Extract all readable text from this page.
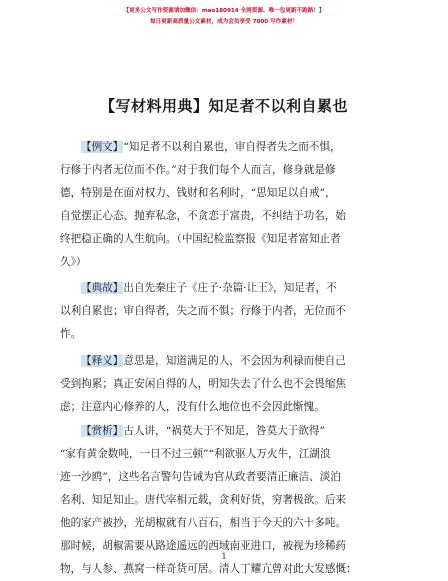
【更多公文写作资源请加微信：mao180914 全网资源、唯一包更新不跑路！】
每日更新高质量公文素材，成为会员享受 7000 写作素材！
【写材料用典】知足者不以利自累也
【例文】“知足者不以利自累也，审自得者失之而不惧，
行修于内者无位而不作。”对于我们每个人而言，修身就是修
德，特别是在面对权力、钱财和名利时，“思知足以自戒”，
自觉摆正心态、抛弃私念，不贪恋于富贵，不纠结于功名，始
终把稳正确的人生航向。（中国纪检监察报《知足者富知止者
久》）
【典故】出自先秦庄子《庄子·杂篇·让王》，知足者，不
以利自累也；审自得者，失之而不惧；行修于内者，无位而不
怍。
【释义】意思是，知道满足的人，不会因为利禄而使自己
受到拘累；真正安闲自得的人，明知失去了什么也不会畏缩焦
虑；注意内心修养的人，没有什么地位也不会因此惭愧。
【赏析】古人讲，“祸莫大于不知足，咎莫大于欲得”
“家有黄金数吨，一日不过三顿”“利欲驱人万火牛，江湖浪
迹一沙鸥”，这些名言警句告诫为官从政者要清正廉洁、淡泊
名利、知足知止。唐代宰相元载，贪利好货，穷奢极欲。后来
他的家产被抄，光胡椒就有八百石，相当于今天的六十多吨。
那时候，胡椒需要从路途遥远的西域南亚进口，被视为珍稀药
物，与人参、燕窝一样奇货可居。清人丁耀亢曾对此大发感慨：
1
